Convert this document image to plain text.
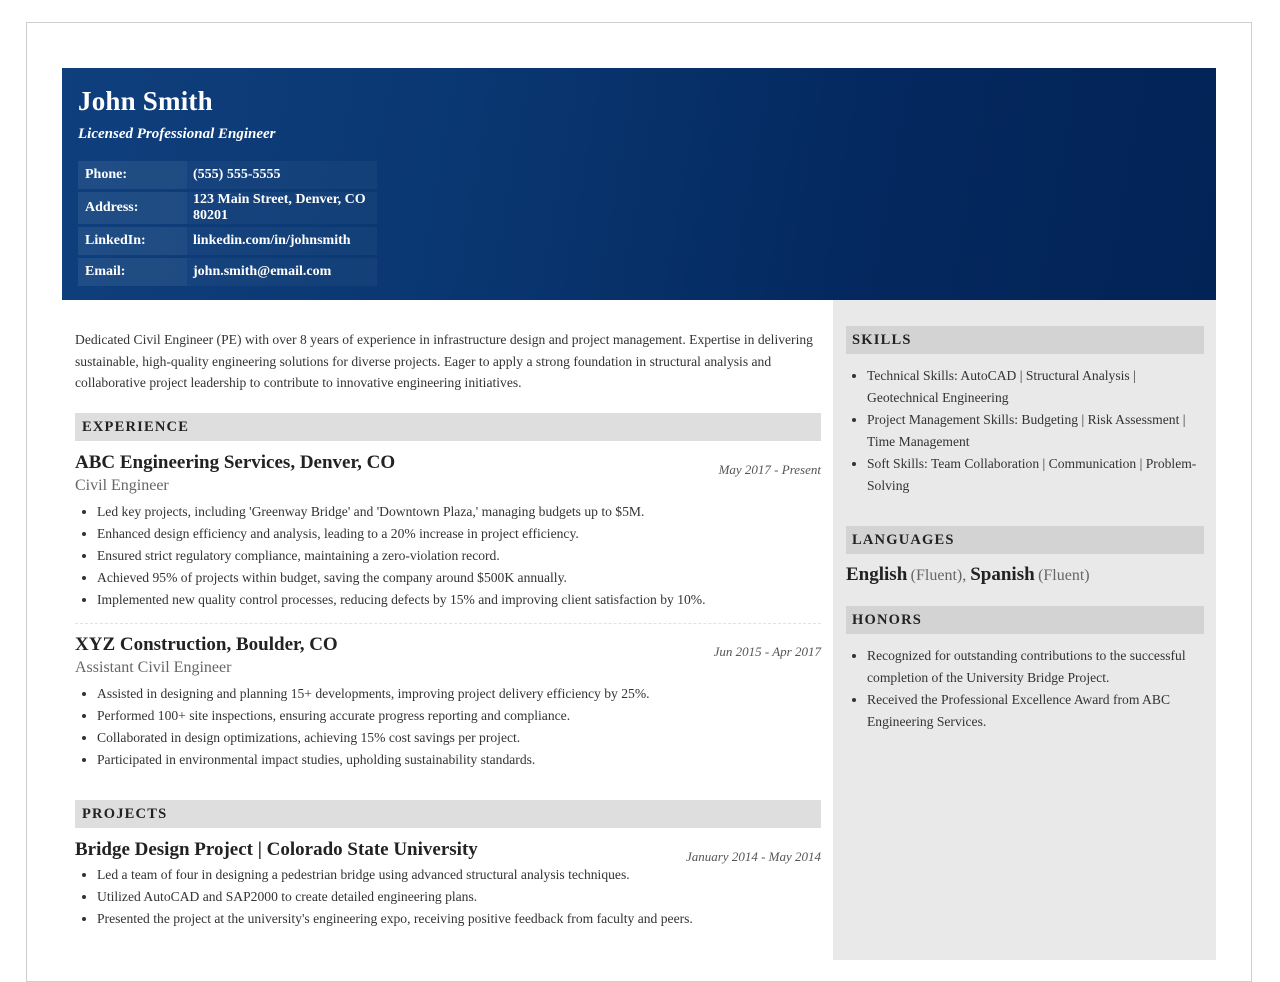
John Smith
Licensed Professional Engineer
Phone:	(555) 555-5555
Address:	123 Main Street, Denver, CO 80201
LinkedIn:	linkedin.com/in/johnsmith
Email:	john.smith@email.com
Dedicated Civil Engineer (PE) with over 8 years of experience in infrastructure design and project management. Expertise in delivering sustainable, high-quality engineering solutions for diverse projects. Eager to apply a strong foundation in structural analysis and collaborative project leadership to contribute to innovative engineering initiatives.
EXPERIENCE
ABC Engineering Services, Denver, CO	May 2017 - Present
Civil Engineer
• Led key projects, including 'Greenway Bridge' and 'Downtown Plaza,' managing budgets up to $5M.
• Enhanced design efficiency and analysis, leading to a 20% increase in project efficiency.
• Ensured strict regulatory compliance, maintaining a zero-violation record.
• Achieved 95% of projects within budget, saving the company around $500K annually.
• Implemented new quality control processes, reducing defects by 15% and improving client satisfaction by 10%.
XYZ Construction, Boulder, CO	Jun 2015 - Apr 2017
Assistant Civil Engineer
• Assisted in designing and planning 15+ developments, improving project delivery efficiency by 25%.
• Performed 100+ site inspections, ensuring accurate progress reporting and compliance.
• Collaborated in design optimizations, achieving 15% cost savings per project.
• Participated in environmental impact studies, upholding sustainability standards.
PROJECTS
Bridge Design Project | Colorado State University	January 2014 - May 2014
• Led a team of four in designing a pedestrian bridge using advanced structural analysis techniques.
• Utilized AutoCAD and SAP2000 to create detailed engineering plans.
• Presented the project at the university's engineering expo, receiving positive feedback from faculty and peers.
SKILLS
• Technical Skills: AutoCAD | Structural Analysis | Geotechnical Engineering
• Project Management Skills: Budgeting | Risk Assessment | Time Management
• Soft Skills: Team Collaboration | Communication | Problem-Solving
LANGUAGES
English (Fluent), Spanish (Fluent)
HONORS
• Recognized for outstanding contributions to the successful completion of the University Bridge Project.
• Received the Professional Excellence Award from ABC Engineering Services.
